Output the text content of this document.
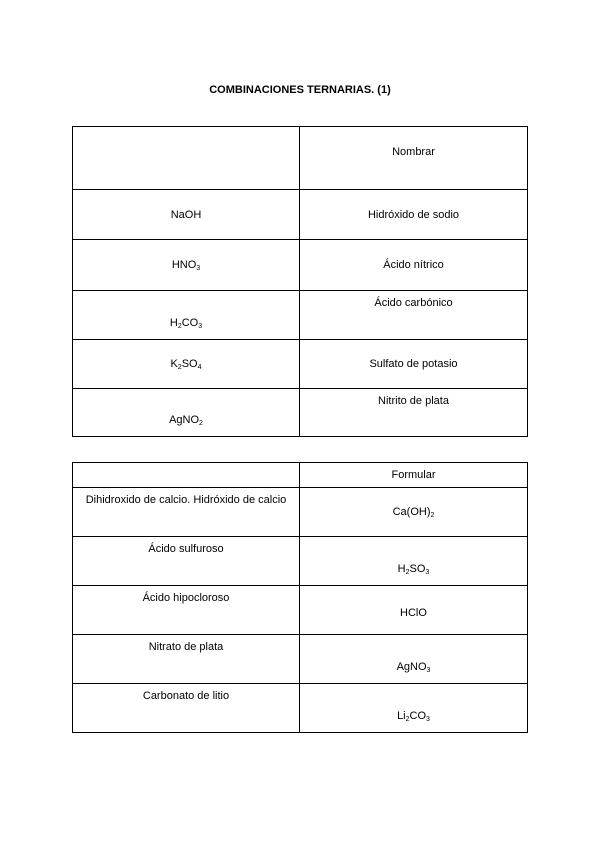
COMBINACIONES TERNARIAS. (1)
	Nombrar
NaOH	Hidróxido de sodio
$HNO_3$	Ácido nítrico
$H_2CO_3$	Ácido carbónico
$K_2SO_4$	Sulfato de potasio
AgNO$_2$	Nitrito de plata
	Formular
Dihidroxido de calcio. Hidróxido de calcio	$Ca(OH)_2$
Ácido sulfuroso	$H_2SO_3$
Ácido hipocloroso	HClO
Nitrato de plata	AgNO$_3$
Carbonato de litio	$Li_2CO_3$
